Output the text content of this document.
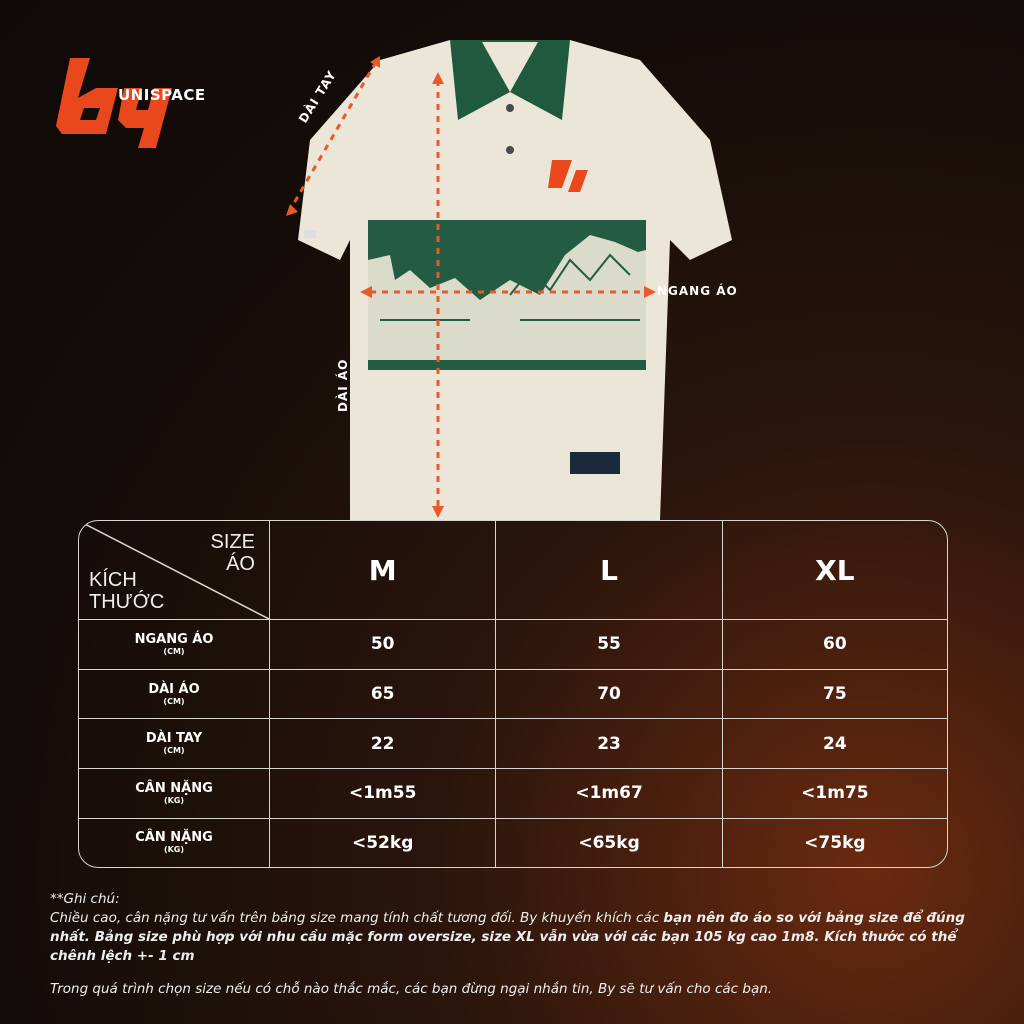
UNISPACE	DÀI TAY
NGANG ÁO
DÀI ÁO
SIZE
ÁO
KÍCH
THƯỚC	M	L	XL
NGANG ÁO
(CM)	50	55	60
DÀI ÁO
(CM)	65	70	75
DÀI TAY
(CM)	22	23	24
CÂN NẶNG
(KG)	<1m55	<1m67	<1m75
CÂN NẶNG
(KG)	<52kg	<65kg	<75kg

**Ghi chú:

Chiều cao, cân nặng tư vấn trên bảng size mang tính chất tương đối. By khuyến khích các bạn nên đo áo so với bảng size để đúng nhất. Bảng size phù hợp với nhu cầu mặc form oversize, size XL vẫn vừa với các bạn 105 kg cao 1m8. Kích thước có thể chênh lệch +- 1 cm

Trong quá trình chọn size nếu có chỗ nào thắc mắc, các bạn đừng ngại nhắn tin, By sẽ tư vấn cho các bạn.
